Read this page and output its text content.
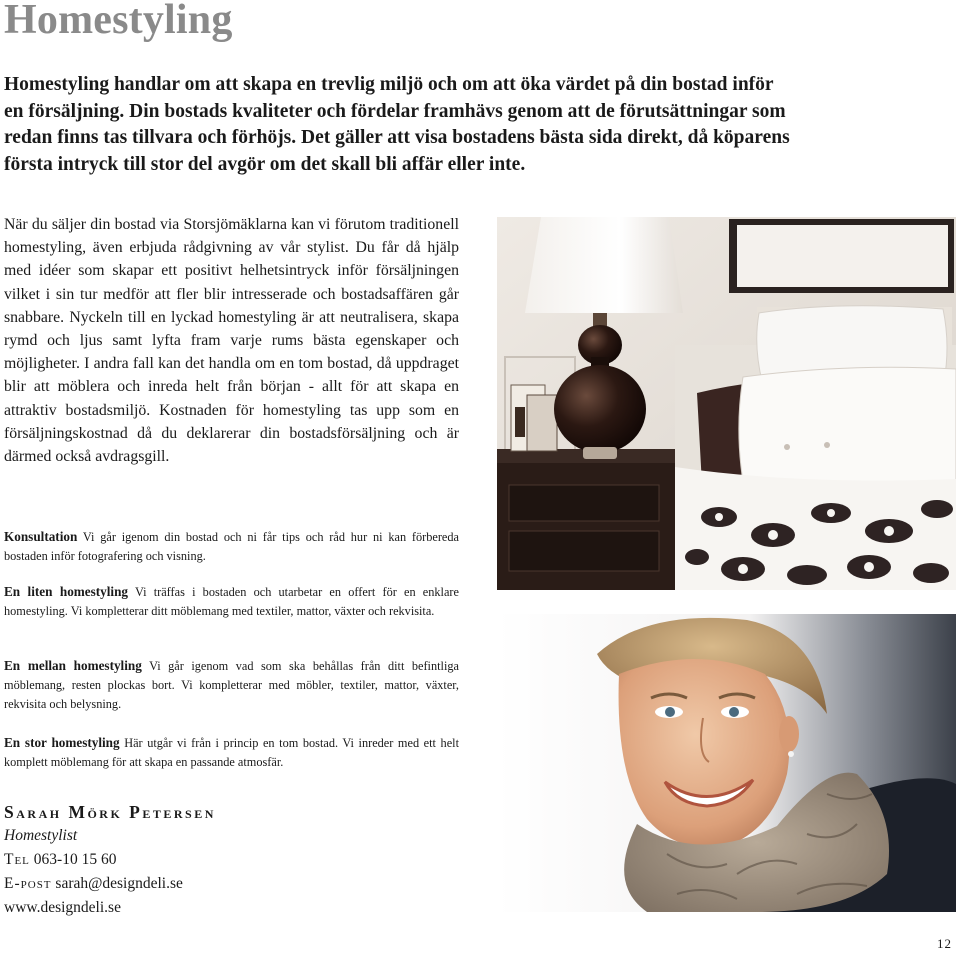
Homestyling

Homestyling handlar om att skapa en trevlig miljö och om att öka värdet på din bostad inför
en försäljning. Din bostads kvaliteter och fördelar framhävs genom att de förutsättningar som
redan finns tas tillvara och förhöjs. Det gäller att visa bostadens bästa sida direkt, då köparens
första intryck till stor del avgör om det skall bli affär eller inte.

När du säljer din bostad via Storsjömäklarna kan vi förutom traditionell homestyling, även erbjuda rådgivning av vår stylist. Du får då hjälp med idéer som skapar ett positivt helhetsintryck inför försäljningen vilket i sin tur medför att fler blir intresserade och bostadsaffären går snabbare. Nyckeln till en lyckad homestyling är att neutralisera, skapa rymd och ljus samt lyfta fram varje rums bästa egenskaper och möjligheter. I andra fall kan det handla om en tom bostad, då uppdraget blir att möblera och inreda helt från början - allt för att skapa en attraktiv bostadsmiljö. Kostnaden för homestyling tas upp som en försäljningskostnad då du deklarerar din bostadsförsäljning och är därmed också avdragsgill.

Konsultation Vi går igenom din bostad och ni får tips och råd hur ni kan förbereda bostaden inför fotografering och visning.

En liten homestyling Vi träffas i bostaden och utarbetar en offert för en enklare homestyling. Vi kompletterar ditt möblemang med textiler, mattor, växter och rekvisita.

En mellan homestyling Vi går igenom vad som ska behållas från ditt befintliga möblemang, resten plockas bort. Vi kompletterar med möbler, textiler, mattor, växter, rekvisita och belysning.

En stor homestyling Här utgår vi från i princip en tom bostad. Vi inreder med ett helt komplett möblemang för att skapa en passande atmosfär.

Sarah Mörk Petersen
Homestylist
Tel 063-10 15 60
E-post sarah@designdeli.se
www.designdeli.se
12
